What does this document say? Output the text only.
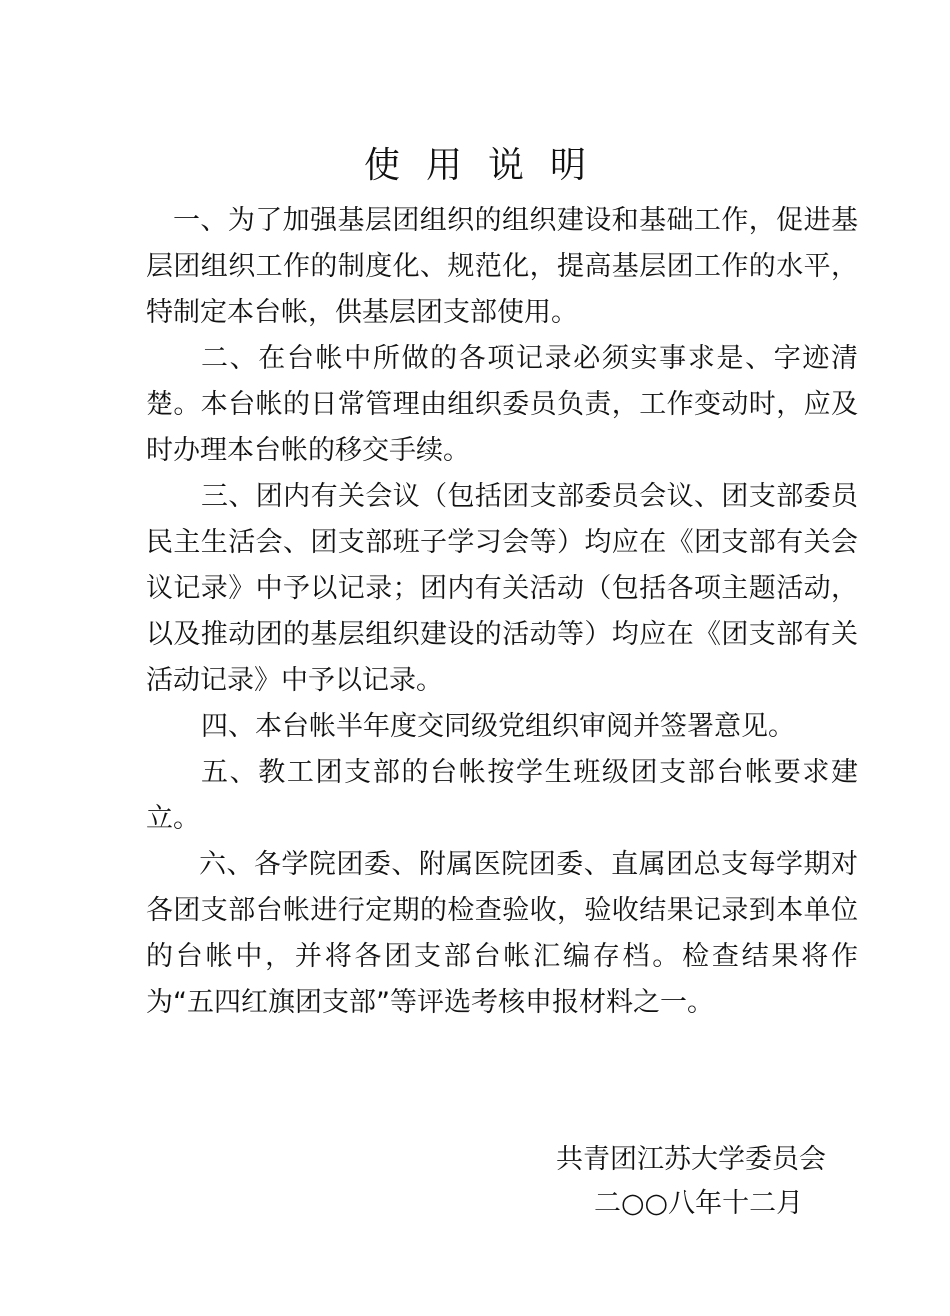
使用说明

一、为了加强基层团组织的组织建设和基础工作，促进基层团组织工作的制度化、规范化，提高基层团工作的水平，特制定本台帐，供基层团支部使用。

二、在台帐中所做的各项记录必须实事求是、字迹清楚。本台帐的日常管理由组织委员负责，工作变动时，应及时办理本台帐的移交手续。

三、团内有关会议（包括团支部委员会议、团支部委员民主生活会、团支部班子学习会等）均应在《团支部有关会议记录》中予以记录；团内有关活动（包括各项主题活动，以及推动团的基层组织建设的活动等）均应在《团支部有关活动记录》中予以记录。

四、本台帐半年度交同级党组织审阅并签署意见。

五、教工团支部的台帐按学生班级团支部台帐要求建立。

六、各学院团委、附属医院团委、直属团总支每学期对各团支部台帐进行定期的检查验收，验收结果记录到本单位的台帐中，并将各团支部台帐汇编存档。检查结果将作为“五四红旗团支部”等评选考核申报材料之一。

共青团江苏大学委员会
二○○八年十二月
